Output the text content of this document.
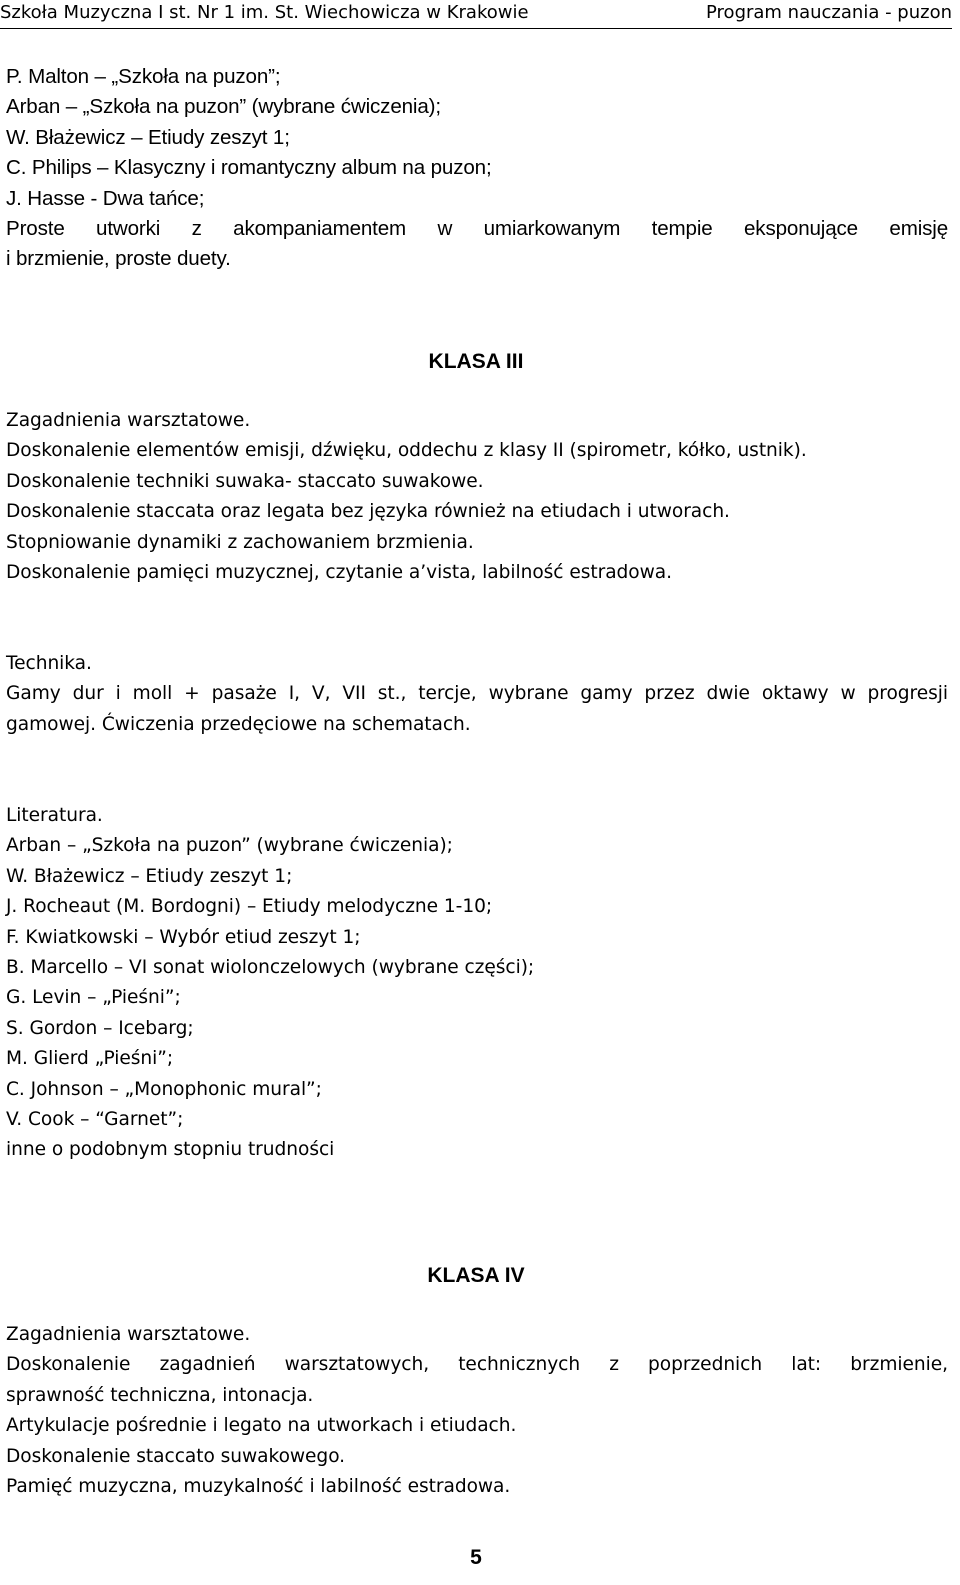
Szkoła Muzyczna I st. Nr 1 im. St. Wiechowicza w Krakowie	Program nauczania - puzon
P. Malton – „Szkoła na puzon”;
Arban – „Szkoła na puzon” (wybrane ćwiczenia);
W. Błażewicz – Etiudy zeszyt 1;
C. Philips – Klasyczny i romantyczny album na puzon;
J. Hasse - Dwa tańce;
Proste utworki z akompaniamentem w umiarkowanym tempie eksponujące emisję
i brzmienie, proste duety.
KLASA III
Zagadnienia warsztatowe.
Doskonalenie elementów emisji, dźwięku, oddechu z klasy II (spirometr, kółko, ustnik).
Doskonalenie techniki suwaka- staccato suwakowe.
Doskonalenie staccata oraz legata bez języka również na etiudach i utworach.
Stopniowanie dynamiki z zachowaniem brzmienia.
Doskonalenie pamięci muzycznej, czytanie a’vista, labilność estradowa.
Technika.
Gamy dur i moll + pasaże I, V, VII st., tercje, wybrane gamy przez dwie oktawy w progresji
gamowej. Ćwiczenia przedęciowe na schematach.
Literatura.
Arban – „Szkoła na puzon” (wybrane ćwiczenia);
W. Błażewicz – Etiudy zeszyt 1;
J. Rocheaut (M. Bordogni) – Etiudy melodyczne 1-10;
F. Kwiatkowski – Wybór etiud zeszyt 1;
B. Marcello – VI sonat wiolonczelowych (wybrane części);
G. Levin – „Pieśni”;
S. Gordon – Icebarg;
M. Glierd „Pieśni”;
C. Johnson – „Monophonic mural”;
V. Cook – “Garnet”;
inne o podobnym stopniu trudności
KLASA IV
Zagadnienia warsztatowe.
Doskonalenie zagadnień warsztatowych, technicznych z poprzednich lat: brzmienie,
sprawność techniczna, intonacja.
Artykulacje pośrednie i legato na utworkach i etiudach.
Doskonalenie staccato suwakowego.
Pamięć muzyczna, muzykalność i labilność estradowa.
5
